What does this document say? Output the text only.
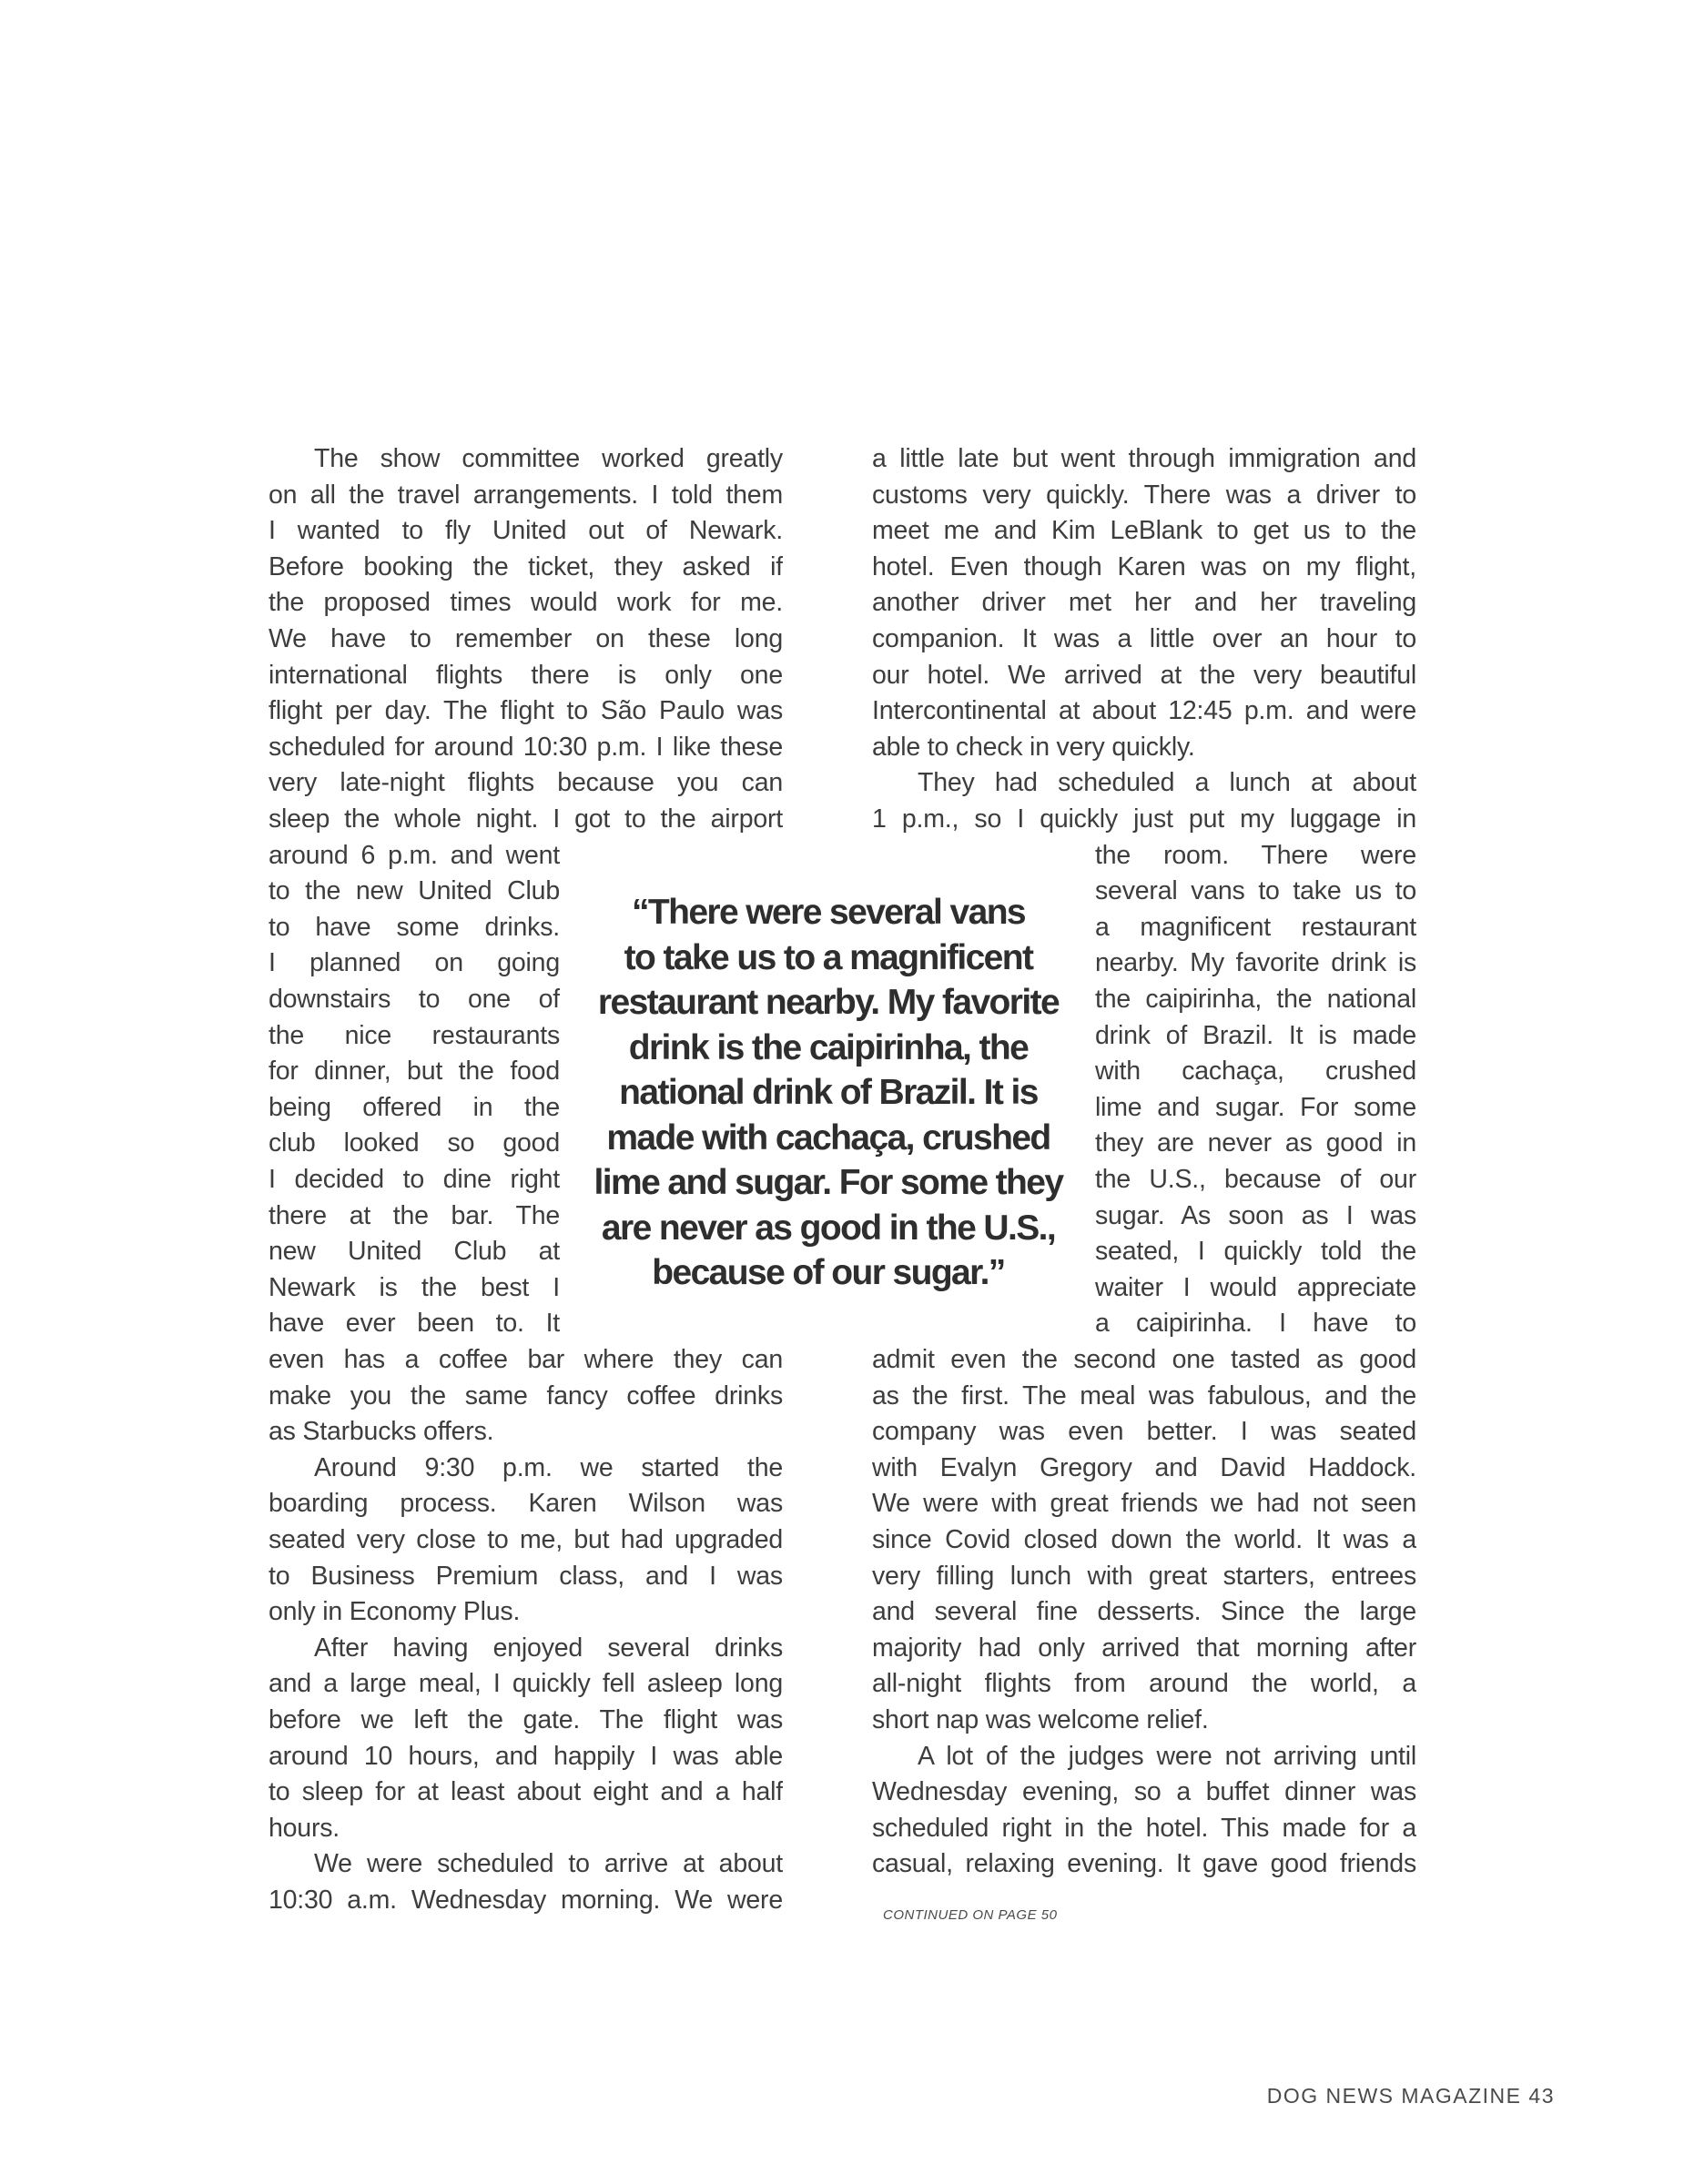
The show committee worked greatly
on all the travel arrangements. I told them
I wanted to fly United out of Newark.
Before booking the ticket, they asked if
the proposed times would work for me.
We have to remember on these long
international flights there is only one
flight per day. The flight to São Paulo was
scheduled for around 10:30 p.m. I like these
very late-night flights because you can
sleep the whole night. I got to the airport
around 6 p.m. and went
to the new United Club
to have some drinks.
I planned on going
downstairs to one of
the nice restaurants
for dinner, but the food
being offered in the
club looked so good
I decided to dine right
there at the bar. The
new United Club at
Newark is the best I
have ever been to. It
even has a coffee bar where they can
make you the same fancy coffee drinks
as Starbucks offers.
Around 9:30 p.m. we started the
boarding process. Karen Wilson was
seated very close to me, but had upgraded
to Business Premium class, and I was
only in Economy Plus.
After having enjoyed several drinks
and a large meal, I quickly fell asleep long
before we left the gate. The flight was
around 10 hours, and happily I was able
to sleep for at least about eight and a half
hours.
We were scheduled to arrive at about
10:30 a.m. Wednesday morning. We were
a little late but went through immigration and
customs very quickly. There was a driver to
meet me and Kim LeBlank to get us to the
hotel. Even though Karen was on my flight,
another driver met her and her traveling
companion. It was a little over an hour to
our hotel. We arrived at the very beautiful
Intercontinental at about 12:45 p.m. and were
able to check in very quickly.
They had scheduled a lunch at about
1 p.m., so I quickly just put my luggage in
the room. There were
several vans to take us to
a magnificent restaurant
nearby. My favorite drink is
the caipirinha, the national
drink of Brazil. It is made
with cachaça, crushed
lime and sugar. For some
they are never as good in
the U.S., because of our
sugar. As soon as I was
seated, I quickly told the
waiter I would appreciate
a caipirinha. I have to
admit even the second one tasted as good
as the first. The meal was fabulous, and the
company was even better. I was seated
with Evalyn Gregory and David Haddock.
We were with great friends we had not seen
since Covid closed down the world. It was a
very filling lunch with great starters, entrees
and several fine desserts. Since the large
majority had only arrived that morning after
all-night flights from around the world, a
short nap was welcome relief.
A lot of the judges were not arriving until
Wednesday evening, so a buffet dinner was
scheduled right in the hotel. This made for a
casual, relaxing evening. It gave good friends
“There were several vans
to take us to a magnificent
restaurant nearby. My favorite
drink is the caipirinha, the
national drink of Brazil. It is
made with cachaça, crushed
lime and sugar. For some they
are never as good in the U.S.,
because of our sugar.”
CONTINUED ON PAGE 50
DOG NEWS MAGAZINE 43
